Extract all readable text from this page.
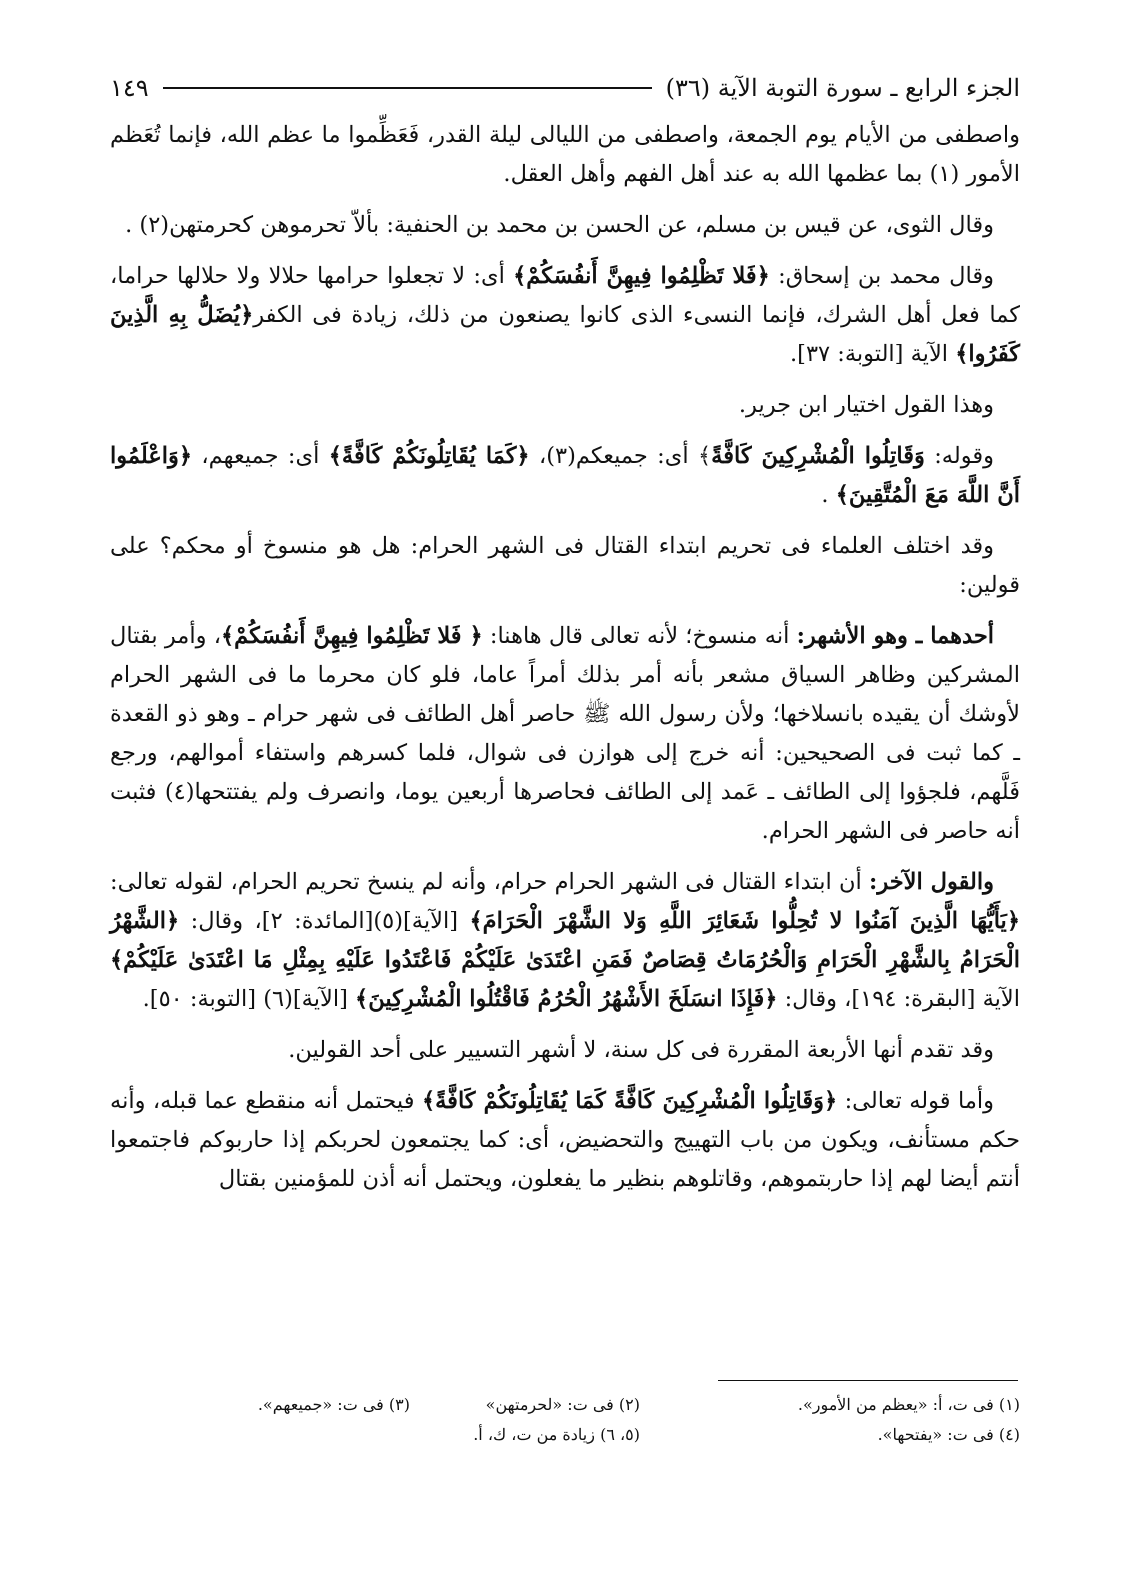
الجزء الرابع ـ سورة التوبة الآية (٣٦)
١٤٩

واصطفى من الأيام يوم الجمعة، واصطفى من الليالى ليلة القدر، فَعَظِّموا ما عظم الله، فإنما تُعَظم الأمور (١) بما عظمها الله به عند أهل الفهم وأهل العقل.

وقال الثوى، عن قيس بن مسلم، عن الحسن بن محمد بن الحنفية: بألاّ تحرموهن كحرمتهن(٢) .

وقال محمد بن إسحاق: ﴿فَلا تَظْلِمُوا فِيهِنَّ أَنفُسَكُمْ﴾ أى: لا تجعلوا حرامها حلالا ولا حلالها حراما، كما فعل أهل الشرك، فإنما النسىء الذى كانوا يصنعون من ذلك، زيادة فى الكفر﴿يُضَلُّ بِهِ الَّذِينَ كَفَرُوا﴾ الآية [التوبة: ٣٧].

وهذا القول اختيار ابن جرير.

وقوله: وَقَاتِلُوا الْمُشْرِكِينَ كَافَّةً﴾ أى: جميعكم(٣)، ﴿كَمَا يُقَاتِلُونَكُمْ كَافَّةً﴾ أى: جميعهم، ﴿وَاعْلَمُوا أَنَّ اللَّهَ مَعَ الْمُتَّقِينَ﴾ .

وقد اختلف العلماء فى تحريم ابتداء القتال فى الشهر الحرام: هل هو منسوخ أو محكم؟ على قولين:

أحدهما ـ وهو الأشهر: أنه منسوخ؛ لأنه تعالى قال هاهنا: ﴿ فَلا تَظْلِمُوا فِيهِنَّ أَنفُسَكُمْ﴾، وأمر بقتال المشركين وظاهر السياق مشعر بأنه أمر بذلك أمراً عاما، فلو كان محرما ما فى الشهر الحرام لأوشك أن يقيده بانسلاخها؛ ولأن رسول الله ﷺ حاصر أهل الطائف فى شهر حرام ـ وهو ذو القعدة ـ كما ثبت فى الصحيحين: أنه خرج إلى هوازن فى شوال، فلما كسرهم واستفاء أموالهم، ورجع فَلَّهم، فلجؤوا إلى الطائف ـ عَمد إلى الطائف فحاصرها أربعين يوما، وانصرف ولم يفتتحها(٤) فثبت أنه حاصر فى الشهر الحرام.

والقول الآخر: أن ابتداء القتال فى الشهر الحرام حرام، وأنه لم ينسخ تحريم الحرام، لقوله تعالى: ﴿يَأَيُّهَا الَّذِينَ آمَنُوا لا تُحِلُّوا شَعَائِرَ اللَّهِ وَلا الشَّهْرَ الْحَرَامَ﴾ [الآية](٥)[المائدة: ٢]، وقال: ﴿الشَّهْرُ الْحَرَامُ بِالشَّهْرِ الْحَرَامِ وَالْحُرُمَاتُ قِصَاصٌ فَمَنِ اعْتَدَىٰ عَلَيْكُمْ فَاعْتَدُوا عَلَيْهِ بِمِثْلِ مَا اعْتَدَىٰ عَلَيْكُمْ﴾ الآية [البقرة: ١٩٤]، وقال: ﴿فَإِذَا انسَلَخَ الأَشْهُرُ الْحُرُمُ فَاقْتُلُوا الْمُشْرِكِينَ﴾ [الآية](٦) [التوبة: ٥٠].

وقد تقدم أنها الأربعة المقررة فى كل سنة، لا أشهر التسيير على أحد القولين.

وأما قوله تعالى: ﴿وَقَاتِلُوا الْمُشْرِكِينَ كَافَّةً كَمَا يُقَاتِلُونَكُمْ كَافَّةً﴾ فيحتمل أنه منقطع عما قبله، وأنه حكم مستأنف، ويكون من باب التهييج والتحضيض، أى: كما يجتمعون لحربكم إذا حاربوكم فاجتمعوا أنتم أيضا لهم إذا حاربتموهم، وقاتلوهم بنظير ما يفعلون، ويحتمل أنه أذن للمؤمنين بقتال

(١) فى ت، أ: «يعظم من الأمور».
(٢) فى ت: «لحرمتهن»
(٣) فى ت: «جميعهم».
(٤) فى ت: «يفتحها».
(٥، ٦) زيادة من ت، ك، أ.
